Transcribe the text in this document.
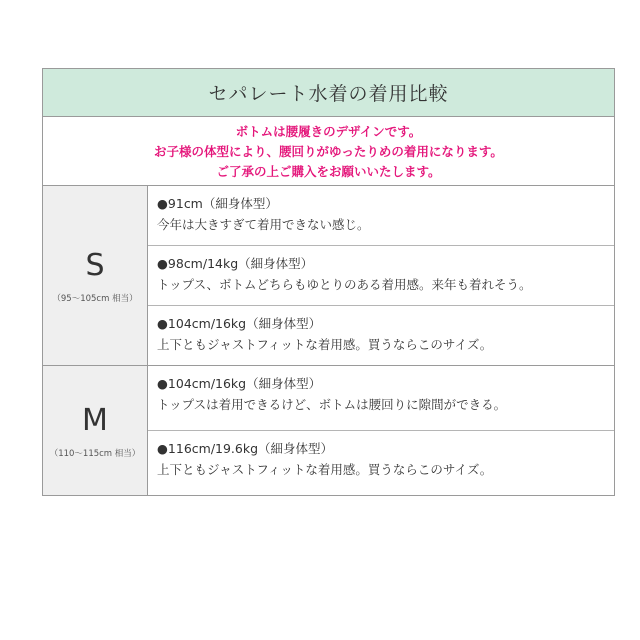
セパレート水着の着用比較
ボトムは腰履きのデザインです。
お子様の体型により、腰回りがゆったりめの着用になります。
ご了承の上ご購入をお願いいたします。
S
（95～105cm 相当）
●91cm（細身体型）
今年は大きすぎて着用できない感じ。
●98cm/14kg（細身体型）
トップス、ボトムどちらもゆとりのある着用感。来年も着れそう。
●104cm/16kg（細身体型）
上下ともジャストフィットな着用感。買うならこのサイズ。
M
（110～115cm 相当）
●104cm/16kg（細身体型）
トップスは着用できるけど、ボトムは腰回りに隙間ができる。
●116cm/19.6kg（細身体型）
上下ともジャストフィットな着用感。買うならこのサイズ。
